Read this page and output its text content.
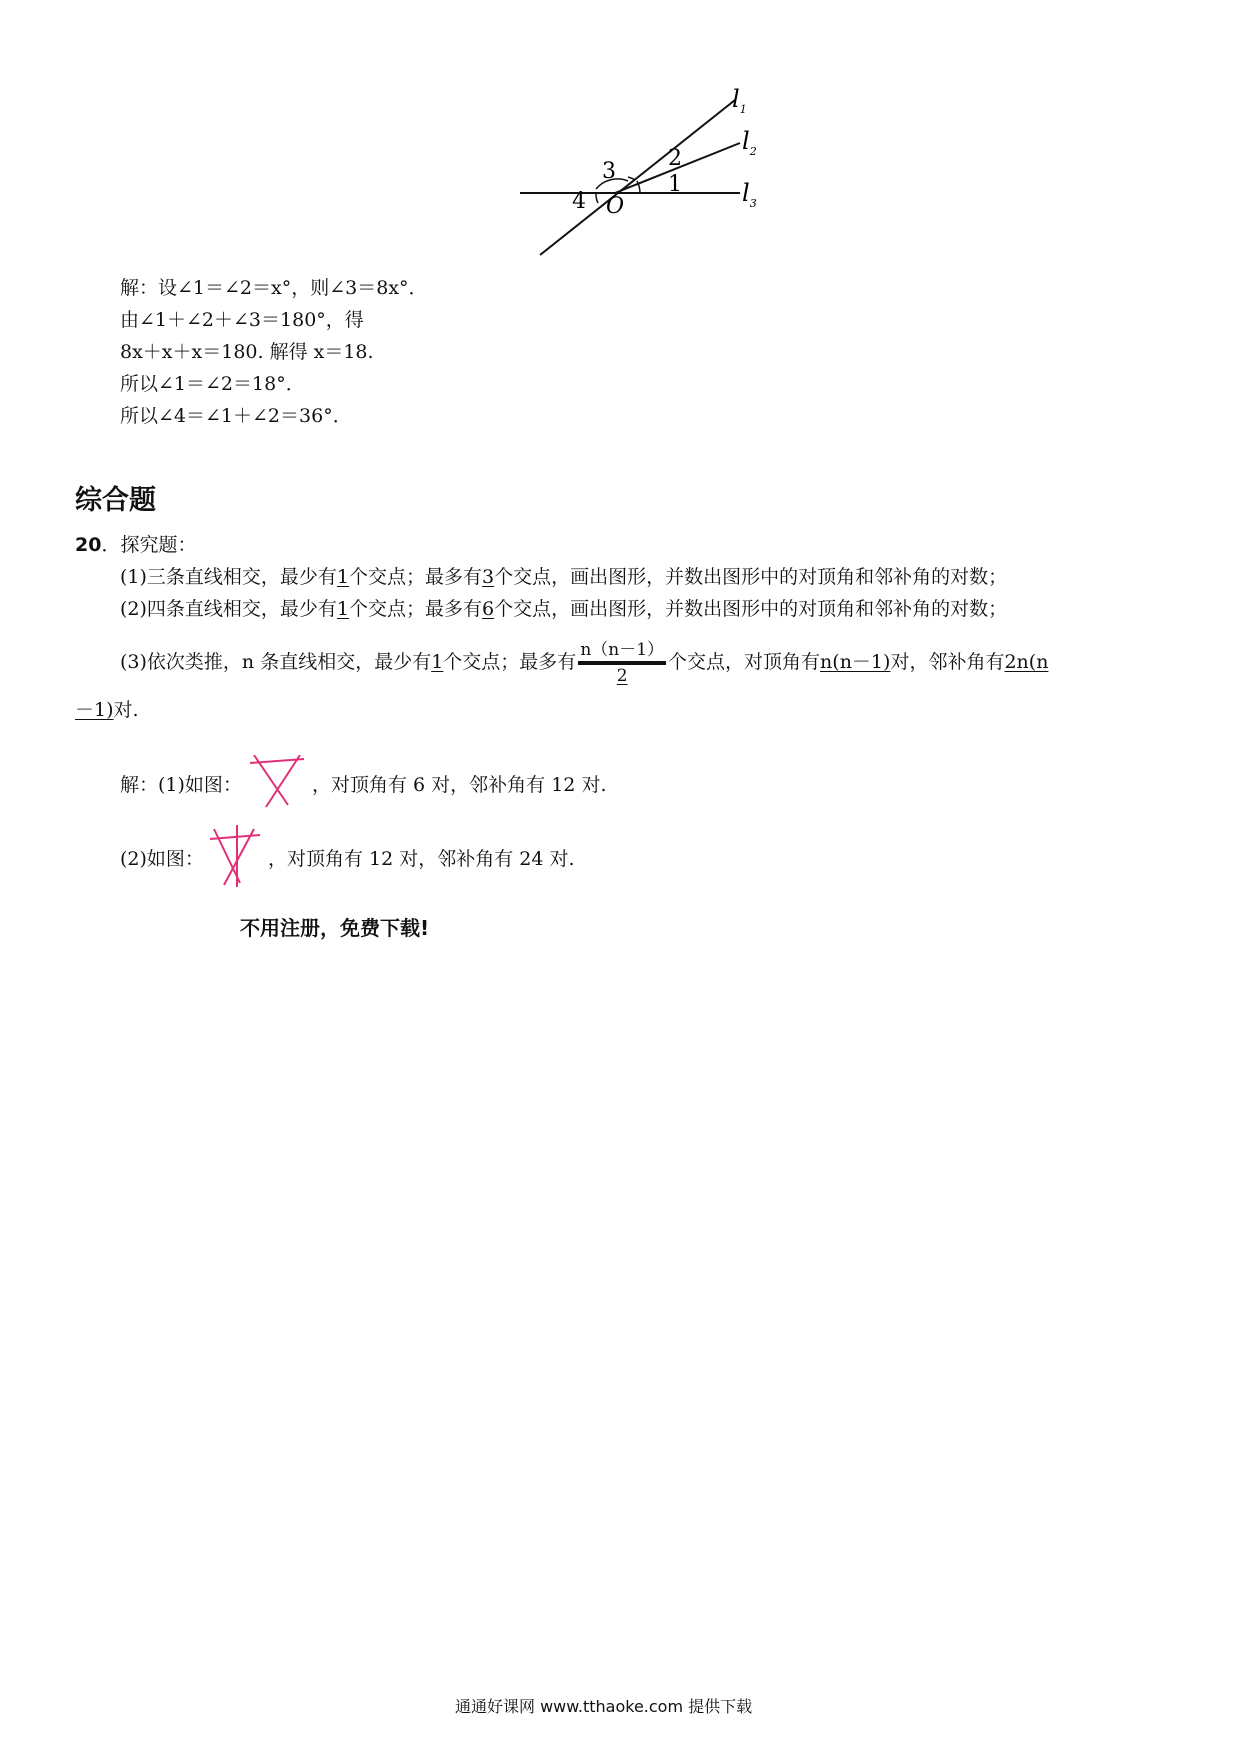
$l_1$
$l_2$
$l_3$
1
2
3
4 O
解：设∠1＝∠2＝x°，则∠3＝8x°．
由∠1＋∠2＋∠3＝180°，得
8x＋x＋x＝180. 解得 x＝18.
所以∠1＝∠2＝18°．
所以∠4＝∠1＋∠2＝36°．
综合题
20．探究题：
(1)三条直线相交，最少有1个交点；最多有3个交点，画出图形，并数出图形中的对顶角和邻补角的对数；
(2)四条直线相交，最少有1个交点；最多有6个交点，画出图形，并数出图形中的对顶角和邻补角的对数；
(3)依次类推，n 条直线相交，最少有1个交点；最多有 $\frac{n(n-1)}{2}$ 个交点，对顶角有n(n－1)对，邻补角有2n(n
－1)对.
解：(1)如图：	，对顶角有 6 对，邻补角有 12 对.
(2)如图：	，对顶角有 12 对，邻补角有 24 对.
不用注册，免费下载!
通通好课网 www.tthaoke.com 提供下载
